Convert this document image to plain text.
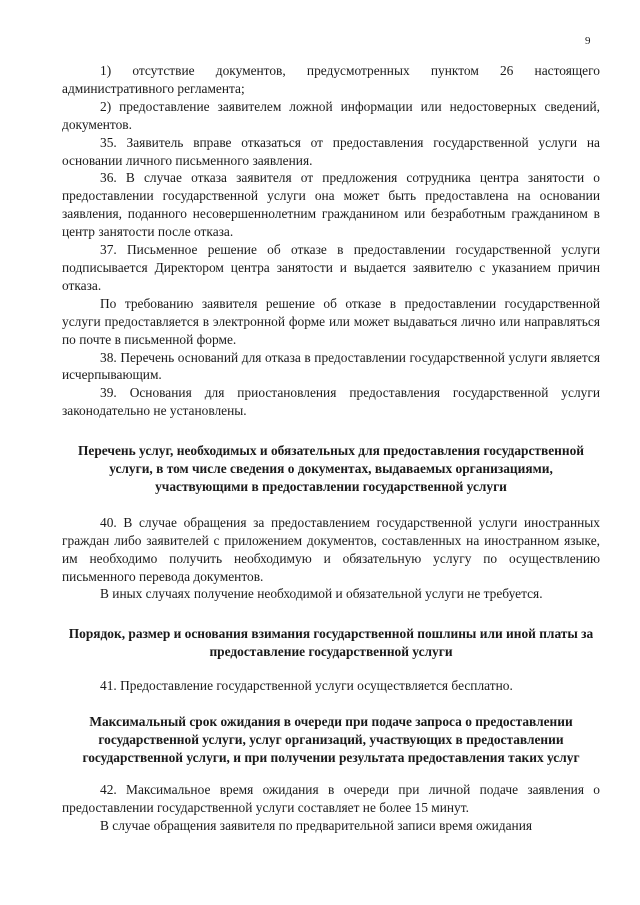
9

1) отсутствие документов, предусмотренных пунктом 26 настоящего административного регламента;

2) предоставление заявителем ложной информации или недостоверных сведений, документов.

35. Заявитель вправе отказаться от предоставления государственной услуги на основании личного письменного заявления.

36. В случае отказа заявителя от предложения сотрудника центра занятости о предоставлении государственной услуги она может быть предоставлена на основании заявления, поданного несовершеннолетним гражданином или безработным гражданином в центр занятости после отказа.

37. Письменное решение об отказе в предоставлении государственной услуги подписывается Директором центра занятости и выдается заявителю с указанием причин отказа.

По требованию заявителя решение об отказе в предоставлении государственной услуги предоставляется в электронной форме или может выдаваться лично или направляться по почте в письменной форме.

38. Перечень оснований для отказа в предоставлении государственной услуги является исчерпывающим.

39. Основания для приостановления предоставления государственной услуги законодательно не установлены.

Перечень услуг, необходимых и обязательных для предоставления государственной услуги, в том числе сведения о документах, выдаваемых организациями, участвующими в предоставлении государственной услуги

40. В случае обращения за предоставлением государственной услуги иностранных граждан либо заявителей с приложением документов, составленных на иностранном языке, им необходимо получить необходимую и обязательную услугу по осуществлению письменного перевода документов.

В иных случаях получение необходимой и обязательной услуги не требуется.

Порядок, размер и основания взимания государственной пошлины или иной платы за предоставление государственной услуги

41. Предоставление государственной услуги осуществляется бесплатно.

Максимальный срок ожидания в очереди при подаче запроса о предоставлении государственной услуги, услуг организаций, участвующих в предоставлении государственной услуги, и при получении результата предоставления таких услуг

42. Максимальное время ожидания в очереди при личной подаче заявления о предоставлении государственной услуги составляет не более 15 минут.

В случае обращения заявителя по предварительной записи время ожидания
